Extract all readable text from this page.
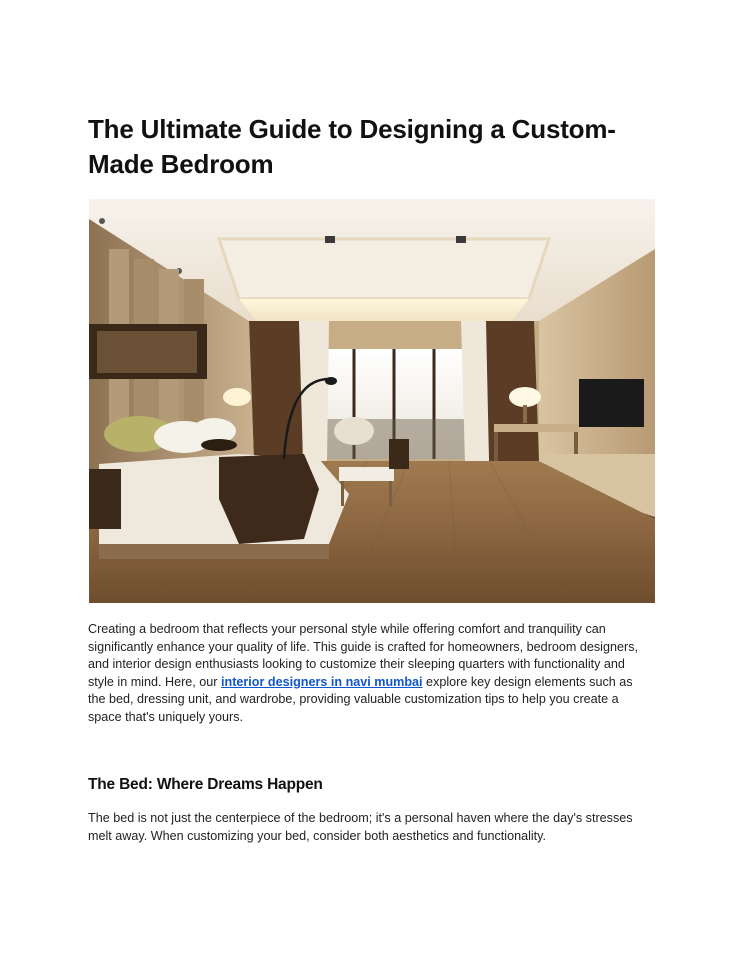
The Ultimate Guide to Designing a Custom-Made Bedroom

Creating a bedroom that reflects your personal style while offering comfort and tranquility can significantly enhance your quality of life. This guide is crafted for homeowners, bedroom designers, and interior design enthusiasts looking to customize their sleeping quarters with functionality and style in mind. Here, our interior designers in navi mumbai explore key design elements such as the bed, dressing unit, and wardrobe, providing valuable customization tips to help you create a space that's uniquely yours.

The Bed: Where Dreams Happen

The bed is not just the centerpiece of the bedroom; it's a personal haven where the day's stresses melt away. When customizing your bed, consider both aesthetics and functionality.
